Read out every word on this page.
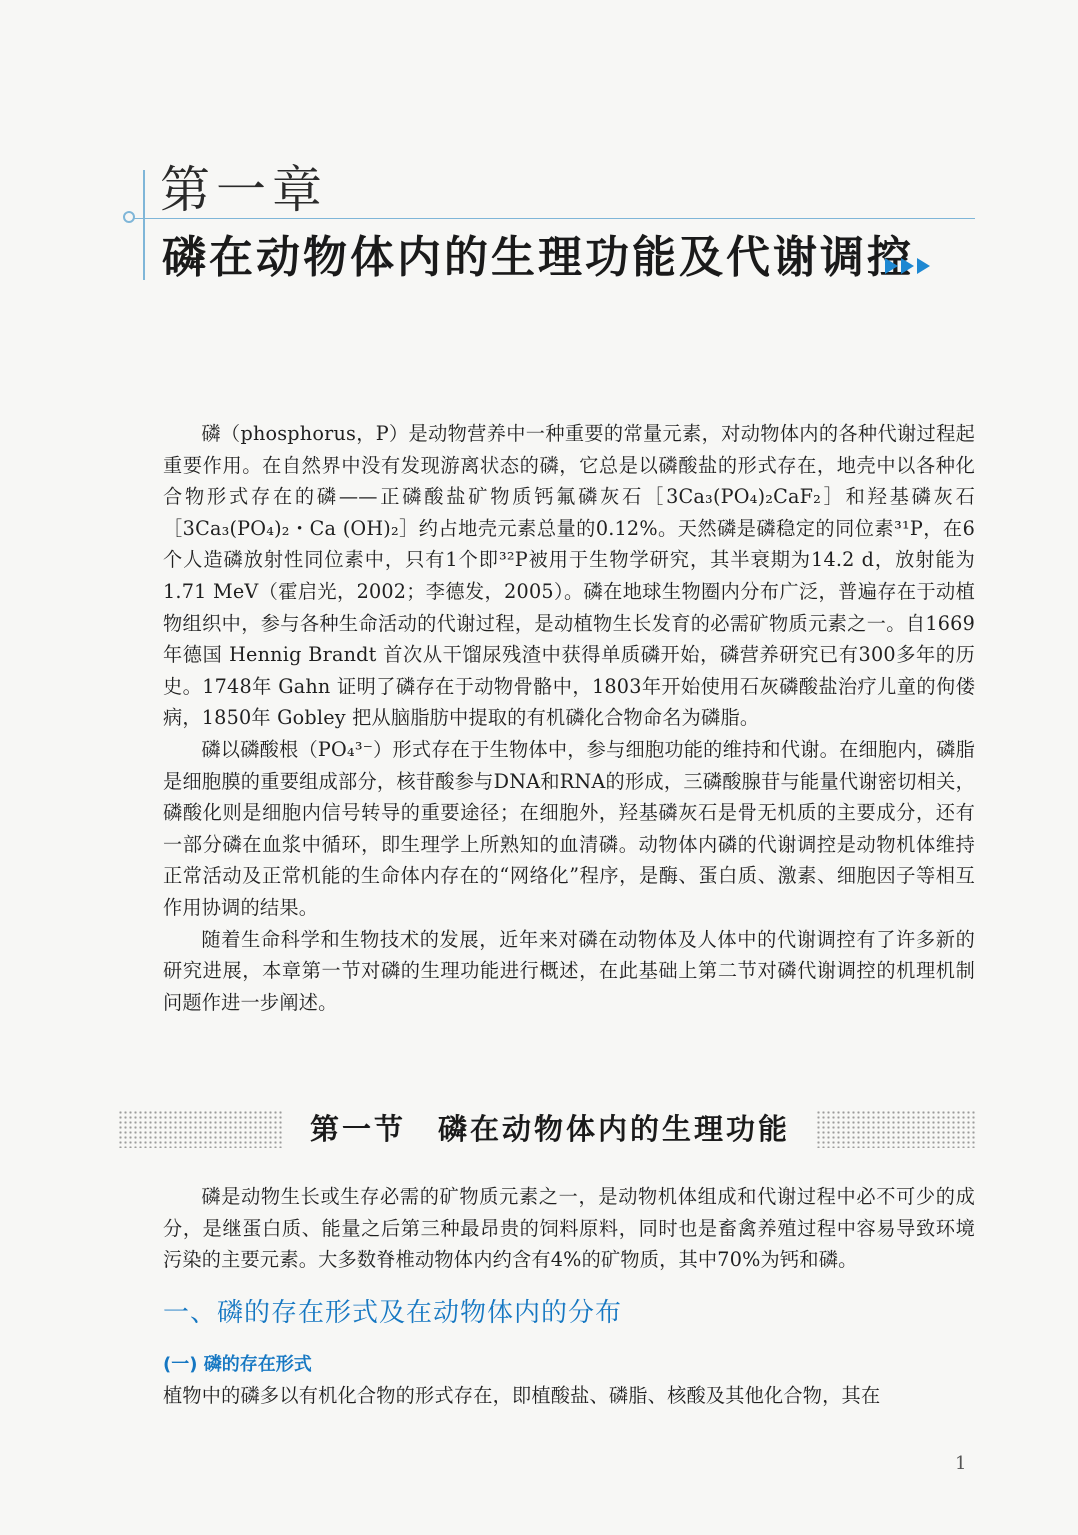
第一章
磷在动物体内的生理功能及代谢调控

磷（phosphorus，P）是动物营养中一种重要的常量元素，对动物体内的各种代谢过程起重要作用。在自然界中没有发现游离状态的磷，它总是以磷酸盐的形式存在，地壳中以各种化合物形式存在的磷——正磷酸盐矿物质钙氟磷灰石［3Ca₃(PO₄)₂CaF₂］和羟基磷灰石［3Ca₃(PO₄)₂・Ca (OH)₂］约占地壳元素总量的0.12%。天然磷是磷稳定的同位素³¹P，在6个人造磷放射性同位素中，只有1个即³²P被用于生物学研究，其半衰期为14.2 d，放射能为1.71 MeV（霍启光，2002；李德发，2005）。磷在地球生物圈内分布广泛，普遍存在于动植物组织中，参与各种生命活动的代谢过程，是动植物生长发育的必需矿物质元素之一。自1669年德国 Hennig Brandt 首次从干馏尿残渣中获得单质磷开始，磷营养研究已有300多年的历史。1748年 Gahn 证明了磷存在于动物骨骼中，1803年开始使用石灰磷酸盐治疗儿童的佝偻病，1850年 Gobley 把从脑脂肪中提取的有机磷化合物命名为磷脂。

磷以磷酸根（PO₄³⁻）形式存在于生物体中，参与细胞功能的维持和代谢。在细胞内，磷脂是细胞膜的重要组成部分，核苷酸参与DNA和RNA的形成，三磷酸腺苷与能量代谢密切相关，磷酸化则是细胞内信号转导的重要途径；在细胞外，羟基磷灰石是骨无机质的主要成分，还有一部分磷在血浆中循环，即生理学上所熟知的血清磷。动物体内磷的代谢调控是动物机体维持正常活动及正常机能的生命体内存在的“网络化”程序，是酶、蛋白质、激素、细胞因子等相互作用协调的结果。

随着生命科学和生物技术的发展，近年来对磷在动物体及人体中的代谢调控有了许多新的研究进展，本章第一节对磷的生理功能进行概述，在此基础上第二节对磷代谢调控的机理机制问题作进一步阐述。

第一节　磷在动物体内的生理功能

磷是动物生长或生存必需的矿物质元素之一，是动物机体组成和代谢过程中必不可少的成分，是继蛋白质、能量之后第三种最昂贵的饲料原料，同时也是畜禽养殖过程中容易导致环境污染的主要元素。大多数脊椎动物体内约含有4%的矿物质，其中70%为钙和磷。

一、磷的存在形式及在动物体内的分布
(一) 磷的存在形式

植物中的磷多以有机化合物的形式存在，即植酸盐、磷脂、核酸及其他化合物，其在

1
